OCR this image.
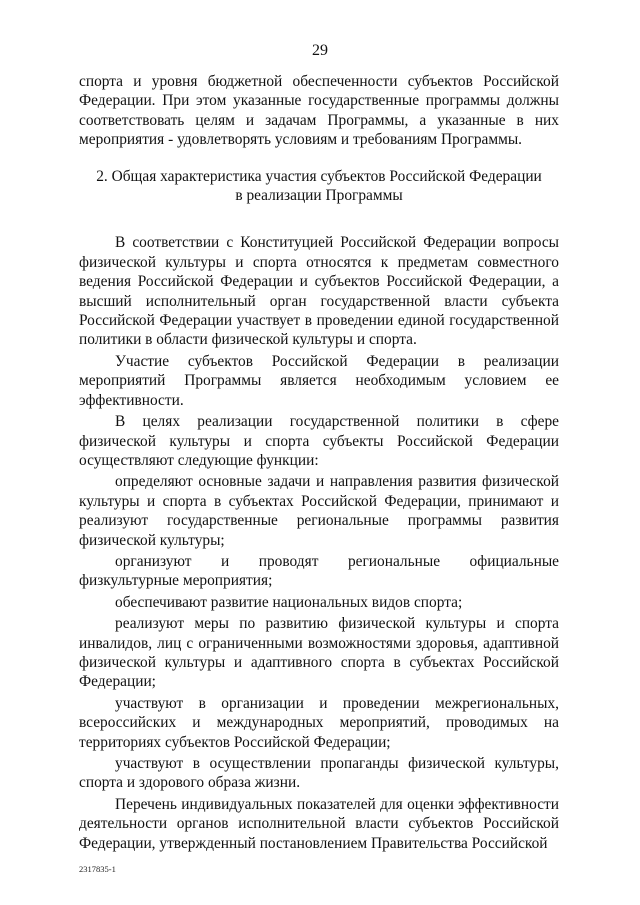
29

спорта и уровня бюджетной обеспеченности субъектов Российской Федерации. При этом указанные государственные программы должны соответствовать целям и задачам Программы, а указанные в них мероприятия - удовлетворять условиям и требованиям Программы.

2. Общая характеристика участия субъектов Российской Федерации
в реализации Программы

В соответствии с Конституцией Российской Федерации вопросы физической культуры и спорта относятся к предметам совместного ведения Российской Федерации и субъектов Российской Федерации, а высший исполнительный орган государственной власти субъекта Российской Федерации участвует в проведении единой государственной политики в области физической культуры и спорта.

Участие субъектов Российской Федерации в реализации мероприятий Программы является необходимым условием ее эффективности.

В целях реализации государственной политики в сфере физической культуры и спорта субъекты Российской Федерации осуществляют следующие функции:

определяют основные задачи и направления развития физической культуры и спорта в субъектах Российской Федерации, принимают и реализуют государственные региональные программы развития физической культуры;

организуют и проводят региональные официальные физкультурные мероприятия;

обеспечивают развитие национальных видов спорта;

реализуют меры по развитию физической культуры и спорта инвалидов, лиц с ограниченными возможностями здоровья, адаптивной физической культуры и адаптивного спорта в субъектах Российской Федерации;

участвуют в организации и проведении межрегиональных, всероссийских и международных мероприятий, проводимых на территориях субъектов Российской Федерации;

участвуют в осуществлении пропаганды физической культуры, спорта и здорового образа жизни.

Перечень индивидуальных показателей для оценки эффективности деятельности органов исполнительной власти субъектов Российской Федерации, утвержденный постановлением Правительства Российской

2317835-1
